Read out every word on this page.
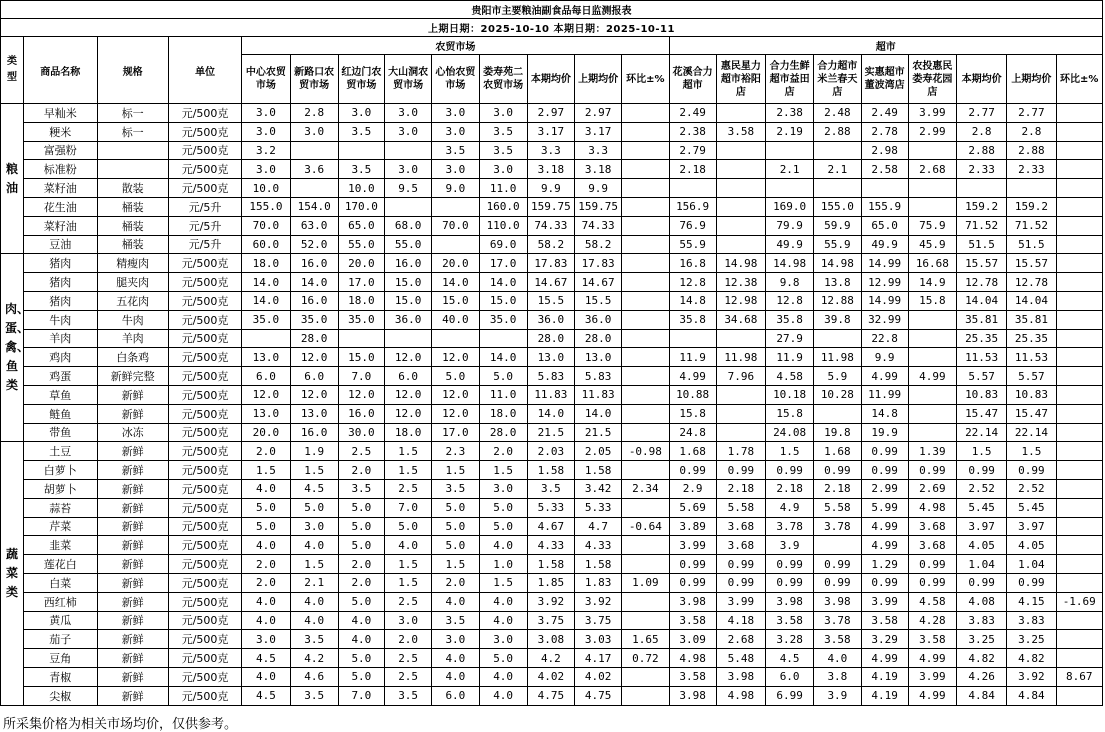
贵阳市主要粮油副食品每日监测报表																					
上期日期：2025-10-10 本期日期：2025-10-11																					
类型	商品名称	规格	单位	农贸市场									超市								
				中心农贸市场	新路口农贸市场	红边门农贸市场	大山洞农贸市场	心怡农贸市场	娄寿苑二农贸市场	本期均价	上期均价	环比±%	花溪合力超市	惠民星力超市裕阳店	合力生鲜超市益田店	合力超市米兰春天店	实惠超市董波湾店	农投惠民娄寿花园店	本期均价	上期均价	环比±%
粮油	早籼米	标一	元/500克	3.0	2.8	3.0	3.0	3.0	3.0	2.97	2.97		2.49		2.38	2.48	2.49	3.99	2.77	2.77	
	粳米	标一	元/500克	3.0	3.0	3.5	3.0	3.0	3.5	3.17	3.17		2.38	3.58	2.19	2.88	2.78	2.99	2.8	2.8	
	富强粉		元/500克	3.2				3.5	3.5	3.3	3.3		2.79				2.98		2.88	2.88	
	标准粉		元/500克	3.0	3.6	3.5	3.0	3.0	3.0	3.18	3.18		2.18		2.1	2.1	2.58	2.68	2.33	2.33	
	菜籽油	散装	元/500克	10.0		10.0	9.5	9.0	11.0	9.9	9.9										
	花生油	桶装	元/5升	155.0	154.0	170.0			160.0	159.75	159.75		156.9		169.0	155.0	155.9		159.2	159.2	
	菜籽油	桶装	元/5升	70.0	63.0	65.0	68.0	70.0	110.0	74.33	74.33		76.9		79.9	59.9	65.0	75.9	71.52	71.52	
	豆油	桶装	元/5升	60.0	52.0	55.0	55.0		69.0	58.2	58.2		55.9		49.9	55.9	49.9	45.9	51.5	51.5	
肉、蛋、禽、鱼类	猪肉	精瘦肉	元/500克	18.0	16.0	20.0	16.0	20.0	17.0	17.83	17.83		16.8	14.98	14.98	14.98	14.99	16.68	15.57	15.57	
	猪肉	腿夹肉	元/500克	14.0	14.0	17.0	15.0	14.0	14.0	14.67	14.67		12.8	12.38	9.8	13.8	12.99	14.9	12.78	12.78	
	猪肉	五花肉	元/500克	14.0	16.0	18.0	15.0	15.0	15.0	15.5	15.5		14.8	12.98	12.8	12.88	14.99	15.8	14.04	14.04	
	牛肉	牛肉	元/500克	35.0	35.0	35.0	36.0	40.0	35.0	36.0	36.0		35.8	34.68	35.8	39.8	32.99		35.81	35.81	
	羊肉	羊肉	元/500克		28.0					28.0	28.0				27.9		22.8		25.35	25.35	
	鸡肉	白条鸡	元/500克	13.0	12.0	15.0	12.0	12.0	14.0	13.0	13.0		11.9	11.98	11.9	11.98	9.9		11.53	11.53	
	鸡蛋	新鲜完整	元/500克	6.0	6.0	7.0	6.0	5.0	5.0	5.83	5.83		4.99	7.96	4.58	5.9	4.99	4.99	5.57	5.57	
	草鱼	新鲜	元/500克	12.0	12.0	12.0	12.0	12.0	11.0	11.83	11.83		10.88		10.18	10.28	11.99		10.83	10.83	
	鲢鱼	新鲜	元/500克	13.0	13.0	16.0	12.0	12.0	18.0	14.0	14.0		15.8		15.8		14.8		15.47	15.47	
	带鱼	冰冻	元/500克	20.0	16.0	30.0	18.0	17.0	28.0	21.5	21.5		24.8		24.08	19.8	19.9		22.14	22.14	
蔬菜类	土豆	新鲜	元/500克	2.0	1.9	2.5	1.5	2.3	2.0	2.03	2.05	-0.98	1.68	1.78	1.5	1.68	0.99	1.39	1.5	1.5	
	白萝卜	新鲜	元/500克	1.5	1.5	2.0	1.5	1.5	1.5	1.58	1.58		0.99	0.99	0.99	0.99	0.99	0.99	0.99	0.99	
	胡萝卜	新鲜	元/500克	4.0	4.5	3.5	2.5	3.5	3.0	3.5	3.42	2.34	2.9	2.18	2.18	2.18	2.99	2.69	2.52	2.52	
	蒜苔	新鲜	元/500克	5.0	5.0	5.0	7.0	5.0	5.0	5.33	5.33		5.69	5.58	4.9	5.58	5.99	4.98	5.45	5.45	
	芹菜	新鲜	元/500克	5.0	3.0	5.0	5.0	5.0	5.0	4.67	4.7	-0.64	3.89	3.68	3.78	3.78	4.99	3.68	3.97	3.97	
	韭菜	新鲜	元/500克	4.0	4.0	5.0	4.0	5.0	4.0	4.33	4.33		3.99	3.68	3.9		4.99	3.68	4.05	4.05	
	莲花白	新鲜	元/500克	2.0	1.5	2.0	1.5	1.5	1.0	1.58	1.58		0.99	0.99	0.99	0.99	1.29	0.99	1.04	1.04	
	白菜	新鲜	元/500克	2.0	2.1	2.0	1.5	2.0	1.5	1.85	1.83	1.09	0.99	0.99	0.99	0.99	0.99	0.99	0.99	0.99	
	西红柿	新鲜	元/500克	4.0	4.0	5.0	2.5	4.0	4.0	3.92	3.92		3.98	3.99	3.98	3.98	3.99	4.58	4.08	4.15	-1.69
	黄瓜	新鲜	元/500克	4.0	4.0	4.0	3.0	3.5	4.0	3.75	3.75		3.58	4.18	3.58	3.78	3.58	4.28	3.83	3.83	
	茄子	新鲜	元/500克	3.0	3.5	4.0	2.0	3.0	3.0	3.08	3.03	1.65	3.09	2.68	3.28	3.58	3.29	3.58	3.25	3.25	
	豆角	新鲜	元/500克	4.5	4.2	5.0	2.5	4.0	5.0	4.2	4.17	0.72	4.98	5.48	4.5	4.0	4.99	4.99	4.82	4.82	
	青椒	新鲜	元/500克	4.0	4.6	5.0	2.5	4.0	4.0	4.02	4.02		3.58	3.98	6.0	3.8	4.19	3.99	4.26	3.92	8.67
	尖椒	新鲜	元/500克	4.5	3.5	7.0	3.5	6.0	4.0	4.75	4.75		3.98	4.98	6.99	3.9	4.19	4.99	4.84	4.84	
所采集价格为相关市场均价，仅供参考。
